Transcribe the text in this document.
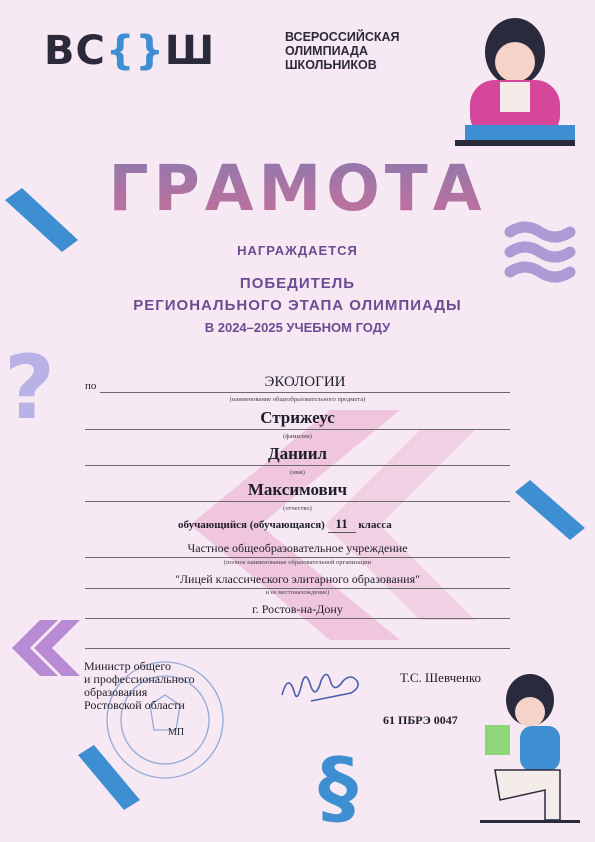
?
§
ВС{}Ш	ВСЕРОССИЙСКАЯ
ОЛИМПИАДА
ШКОЛЬНИКОВ
ГРАМОТА
НАГРАЖДАЕТСЯ
ПОБЕДИТЕЛЬ
РЕГИОНАЛЬНОГО ЭТАПА ОЛИМПИАДЫ
В 2024–2025 УЧЕБНОМ ГОДУ
по	ЭКОЛОГИИ
(наименование общеобразовательного предмета)
Стрижеус
(фамилия)
Даниил
(имя)
Максимович
(отчество)
обучающийся (обучающаяся) 11 класса
Частное общеобразовательное учреждение
(полное наименование образовательной организации
"Лицей классического элитарного образования"
и ее местонахождение)
г. Ростов-на-Дону
Министр общего
и профессионального
образования
Ростовской области
МП
Т.С. Шевченко
61 ПБРЭ 0047
